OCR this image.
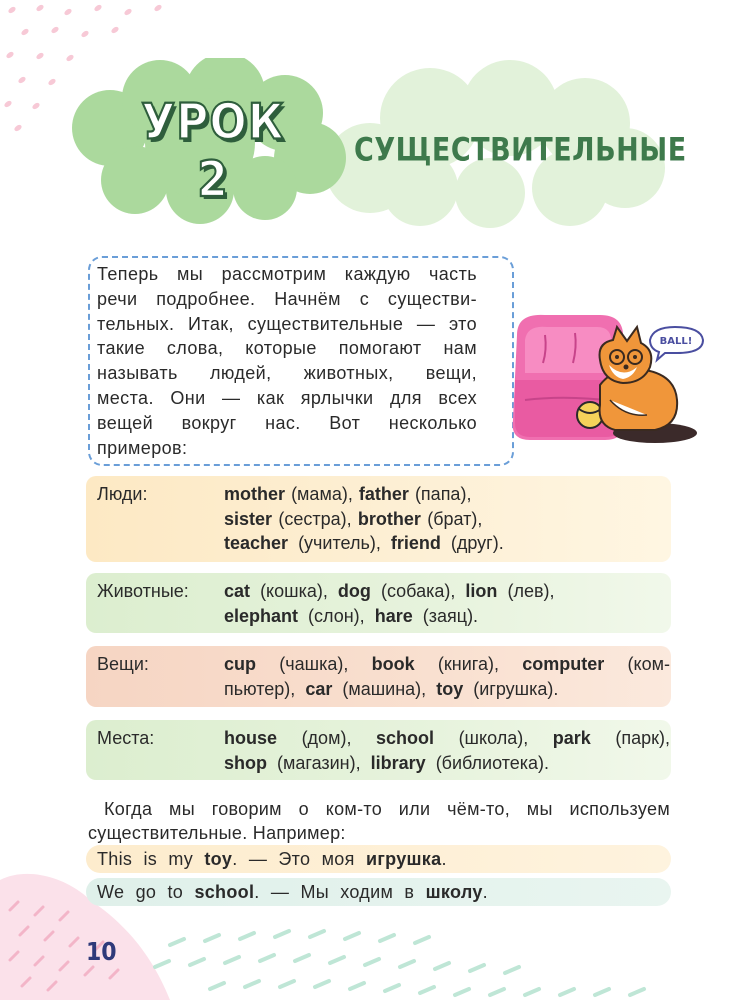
УРОК 2
СУЩЕСТВИТЕЛЬНЫЕ
Теперь мы рассмотрим каждую часть
речи подробнее. Начнём с существи-
тельных. Итак, существительные — это
такие слова, которые помогают нам
называть людей, животных, вещи,
места. Они — как ярлычки для всех
вещей вокруг нас. Вот несколько
примеров:
BALL!
Люди:	mother (мама), father (папа),
sister (сестра), brother (брат),
teacher (учитель), friend (друг).
Животные: cat (кошка), dog (собака), lion (лев),
elephant (слон), hare (заяц).
Вещи:	cup (чашка), book (книга), computer (ком-
пьютер), car (машина), toy (игрушка).
Места:	house (дом), school (школа), park (парк),
shop (магазин), library (библиотека).
Когда мы говорим о ком-то или чём-то, мы используем
существительные. Например:
This is my toy. — Это моя игрушка.
We go to school. — Мы ходим в школу.
10
